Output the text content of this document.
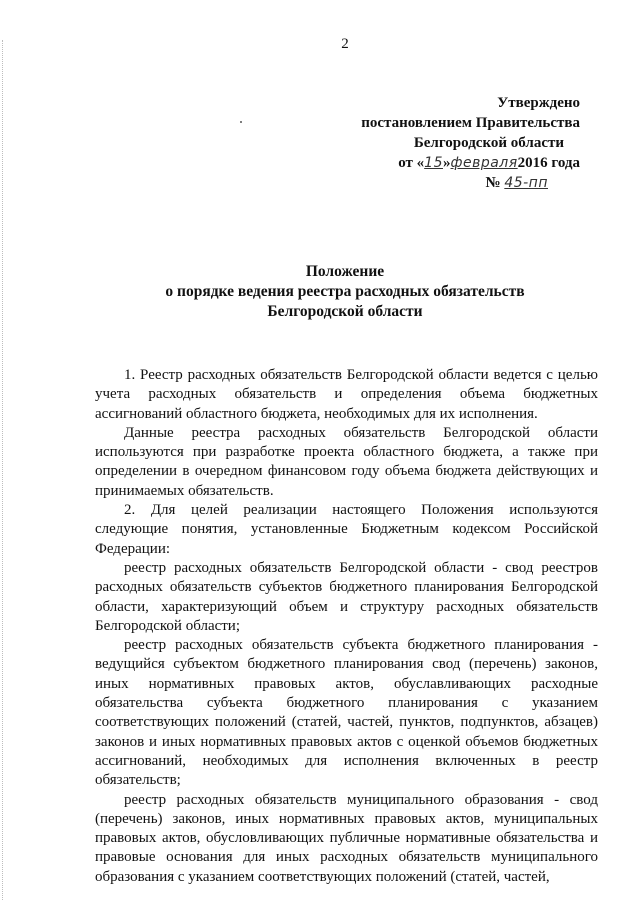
2
Утверждено
постановлением Правительства
Белгородской области
от «15»февраля2016 года
№ 45-пп
Положение
о порядке ведения реестра расходных обязательств
Белгородской области

1. Реестр расходных обязательств Белгородской области ведется с целью учета расходных обязательств и определения объема бюджетных ассигнований областного бюджета, необходимых для их исполнения.

Данные реестра расходных обязательств Белгородской области используются при разработке проекта областного бюджета, а также при определении в очередном финансовом году объема бюджета действующих и принимаемых обязательств.

2. Для целей реализации настоящего Положения используются следующие понятия, установленные Бюджетным кодексом Российской Федерации:

реестр расходных обязательств Белгородской области - свод реестров расходных обязательств субъектов бюджетного планирования Белгородской области, характеризующий объем и структуру расходных обязательств Белгородской области;

реестр расходных обязательств субъекта бюджетного планирования - ведущийся субъектом бюджетного планирования свод (перечень) законов, иных нормативных правовых актов, обуславливающих расходные обязательства субъекта бюджетного планирования с указанием соответствующих положений (статей, частей, пунктов, подпунктов, абзацев) законов и иных нормативных правовых актов с оценкой объемов бюджетных ассигнований, необходимых для исполнения включенных в реестр обязательств;

реестр расходных обязательств муниципального образования - свод (перечень) законов, иных нормативных правовых актов, муниципальных правовых актов, обусловливающих публичные нормативные обязательства и правовые основания для иных расходных обязательств муниципального образования с указанием соответствующих положений (статей, частей,
